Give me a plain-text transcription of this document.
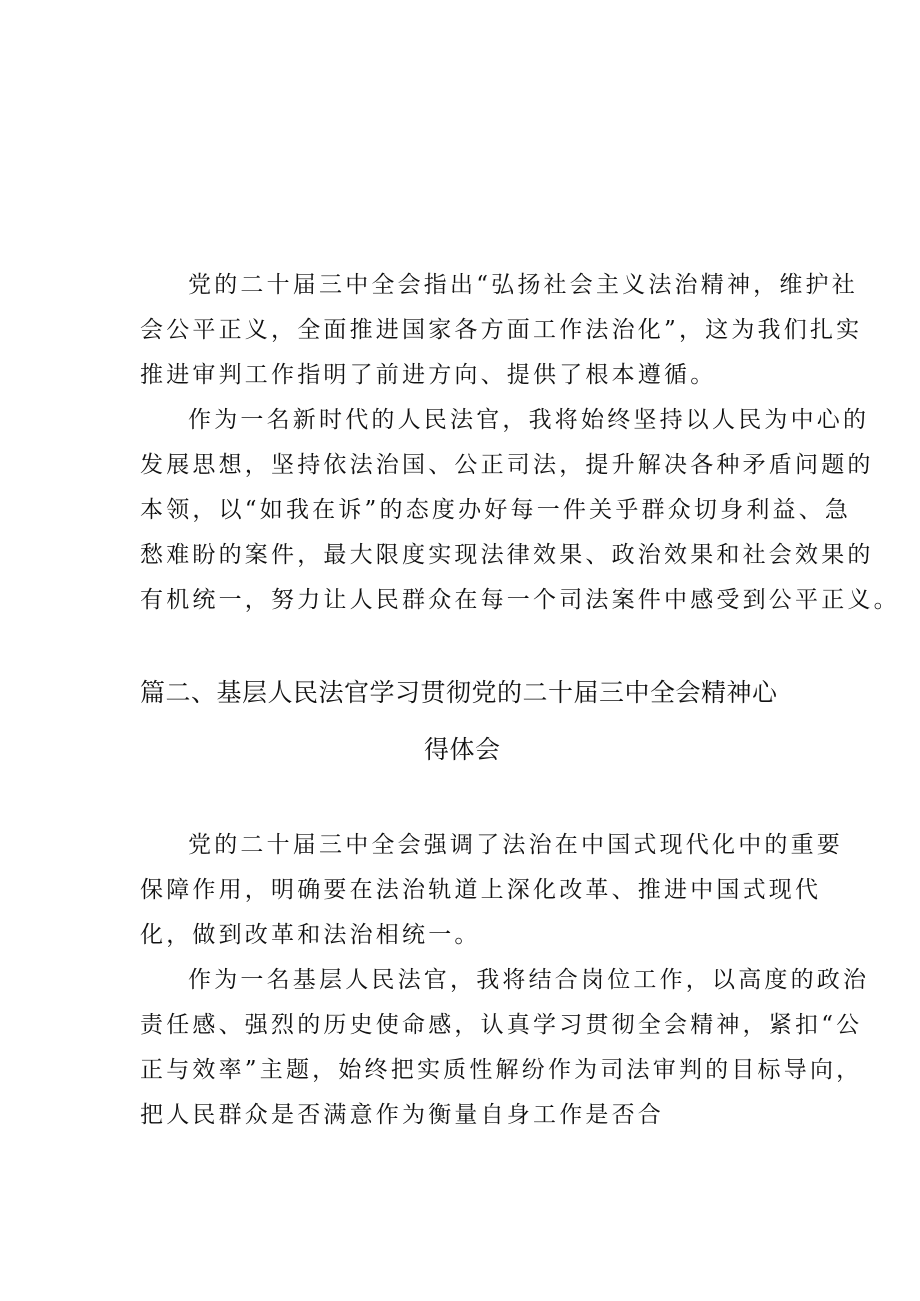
党的二十届三中全会指出“弘扬社会主义法治精神，维护社
会公平正义，全面推进国家各方面工作法治化”，这为我们扎实
推进审判工作指明了前进方向、提供了根本遵循。
作为一名新时代的人民法官，我将始终坚持以人民为中心的
发展思想，坚持依法治国、公正司法，提升解决各种矛盾问题的
本领，以“如我在诉”的态度办好每一件关乎群众切身利益、急
愁难盼的案件，最大限度实现法律效果、政治效果和社会效果的
有机统一，努力让人民群众在每一个司法案件中感受到公平正义。
篇二、基层人民法官学习贯彻党的二十届三中全会精神心
得体会
党的二十届三中全会强调了法治在中国式现代化中的重要
保障作用，明确要在法治轨道上深化改革、推进中国式现代
化，做到改革和法治相统一。
作为一名基层人民法官，我将结合岗位工作，以高度的政治
责任感、强烈的历史使命感，认真学习贯彻全会精神，紧扣“公
正与效率”主题，始终把实质性解纷作为司法审判的目标导向，
把人民群众是否满意作为衡量自身工作是否合
